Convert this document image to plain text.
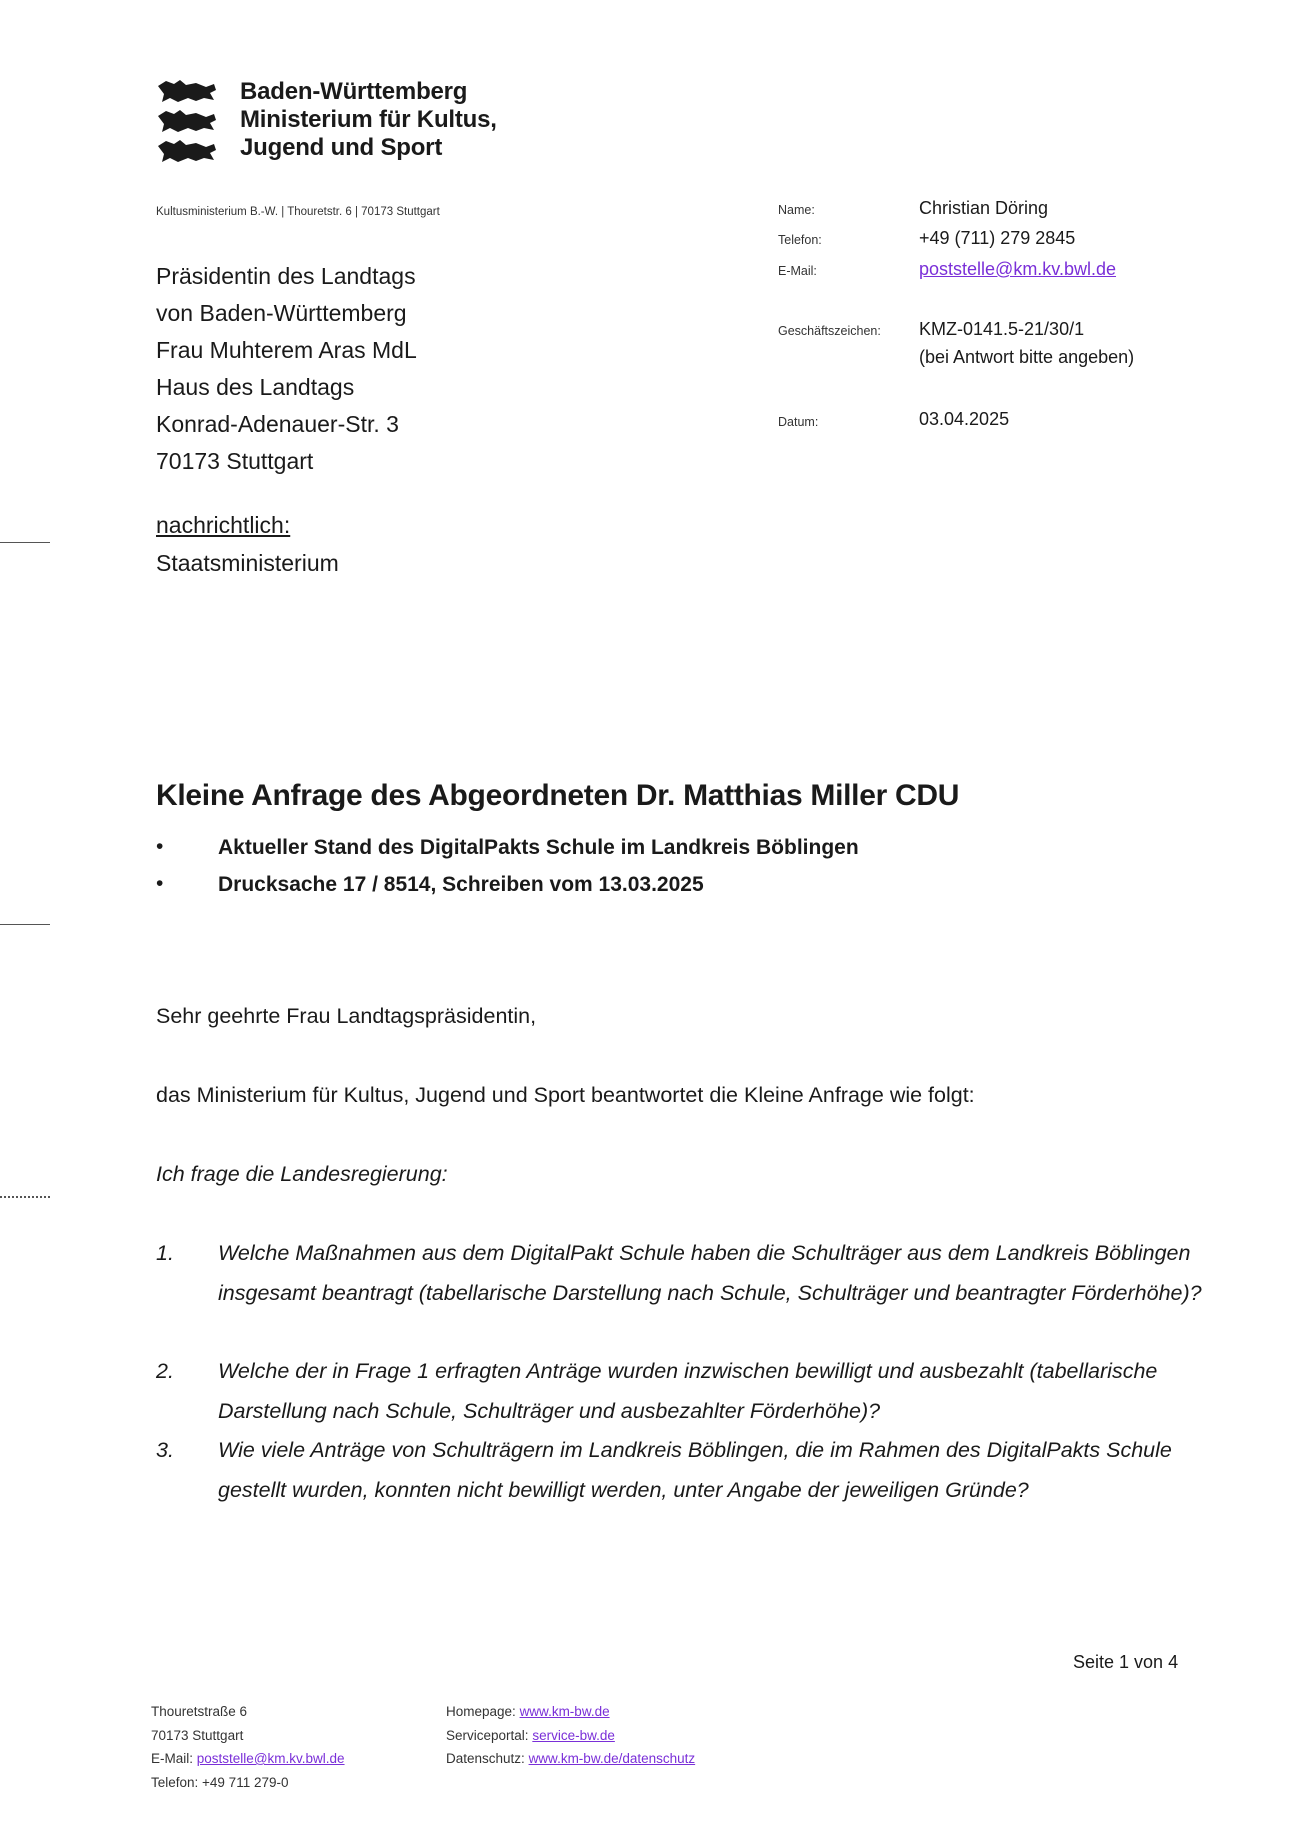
Baden-Württemberg
Ministerium für Kultus,
Jugend und Sport
Kultusministerium B.-W. | Thouretstr. 6 | 70173 Stuttgart
Präsidentin des Landtags
von Baden-Württemberg
Frau Muhterem Aras MdL
Haus des Landtags
Konrad-Adenauer-Str. 3
70173 Stuttgart
nachrichtlich:
Staatsministerium
Name:	Christian Döring
Telefon:	+49 (711) 279 2845
E-Mail:	poststelle@km.kv.bwl.de
Geschäftszeichen: KMZ-0141.5-21/30/1
(bei Antwort bitte angeben)
Datum:	03.04.2025
Kleine Anfrage des Abgeordneten Dr. Matthias Miller CDU
•	Aktueller Stand des DigitalPakts Schule im Landkreis Böblingen
•	Drucksache 17 / 8514, Schreiben vom 13.03.2025
Sehr geehrte Frau Landtagspräsidentin,
das Ministerium für Kultus, Jugend und Sport beantwortet die Kleine Anfrage wie folgt:
Ich frage die Landesregierung:
1. Welche Maßnahmen aus dem DigitalPakt Schule haben die Schulträger aus dem Landkreis Böblingen insgesamt beantragt (tabellarische Darstellung nach Schule, Schulträger und beantragter Förderhöhe)?
2. Welche der in Frage 1 erfragten Anträge wurden inzwischen bewilligt und ausbezahlt (tabellarische Darstellung nach Schule, Schulträger und ausbezahlter Förderhöhe)?
3. Wie viele Anträge von Schulträgern im Landkreis Böblingen, die im Rahmen des DigitalPakts Schule gestellt wurden, konnten nicht bewilligt werden, unter Angabe der jeweiligen Gründe?
Seite 1 von 4
Thouretstraße 6
70173 Stuttgart
E-Mail: poststelle@km.kv.bwl.de
Telefon: +49 711 279-0
Homepage: www.km-bw.de
Serviceportal: service-bw.de
Datenschutz: www.km-bw.de/datenschutz
